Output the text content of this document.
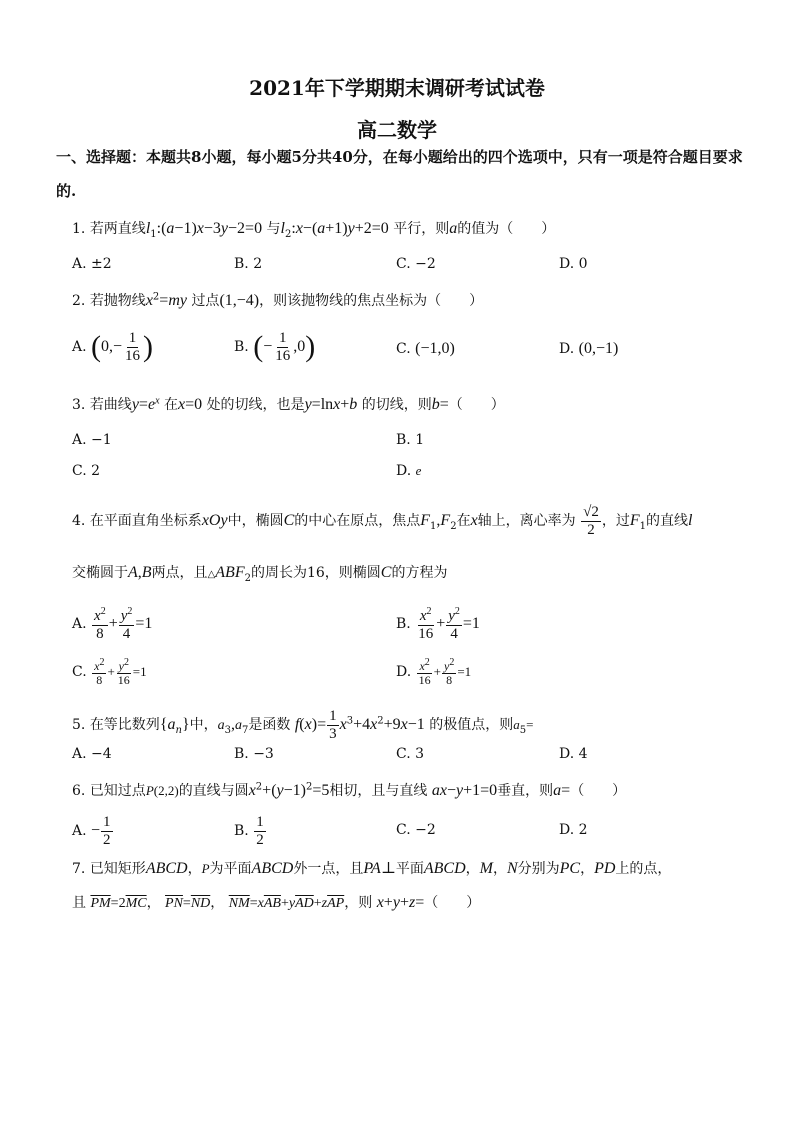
2021年下学期期末调研考试试卷
高二数学
一、选择题：本题共8小题，每小题5分共40分，在每小题给出的四个选项中，只有一项是符合题目要求的.
1. 若两直线$l_1:(a-1)x-3y-2=0$ 与$l_2:x-(a+1)y+2=0$ 平行，则a的值为（　　）
A. ±2	B. 2	C. −2	D. 0
2. 若抛物线$x^2=my$ 过点(1,−4)，则该抛物线的焦点坐标为（　　）
A. ($0,- \frac{1}{16}$ )	B. (− $\frac{1}{16} ,0$)	C. (−1,0)	D. (0,−1)
3. 若曲线$y=e^x$ 在x=0 处的切线，也是y=lnx+b 的切线，则b=（　　）
A. −1	B. 1
C. 2	D. e
4. 在平面直角坐标系xOy中，椭圆C的中心在原点，焦点$F_1,F_2$在x轴上，离心率为 $\frac{√2}{2}$ ，过$F_1$的直线l
交椭圆于A,B两点，且$\triangle ABF_2$的周长为16，则椭圆C的方程为
A. $\frac{x^2}{8} + \frac{y^2}{4} =1$	B. $\frac{x^2}{16} + \frac{y^2}{4} =1$
C. $\frac{x^2}{8} + \frac{y^2}{16} =1$	D. $\frac{x^2}{16} + \frac{y^2}{8} =1$
5. 在等比数列$\{a_n\}$中，$a_3,a_7$是函数 $f(x)= \frac{1}{3} x^3+4x^2+9x-1$ 的极值点，则$a_5=$
A. −4	B. −3	C. 3	D. 4
6. 已知过点P(2,2)的直线与圆$x^2+(y-1)^2=5$相切，且与直线 ax−y+1=0垂直，则a=（　　）
A. − $\frac{1}{2}$	B. $\frac{1}{2}$	C. −2	D. 2
7. 已知矩形ABCD，P为平面ABCD外一点，且PA⊥平面ABCD，M，N分别为PC，PD上的点，
且 $\overline{PM}=2\overline{MC}$， $\overline{PN}=\overline{ND}$， $\overline{NM}=x\overline{AB}+y\overline{AD}+z\overline{AP}$，则 x+y+z=（　　）
